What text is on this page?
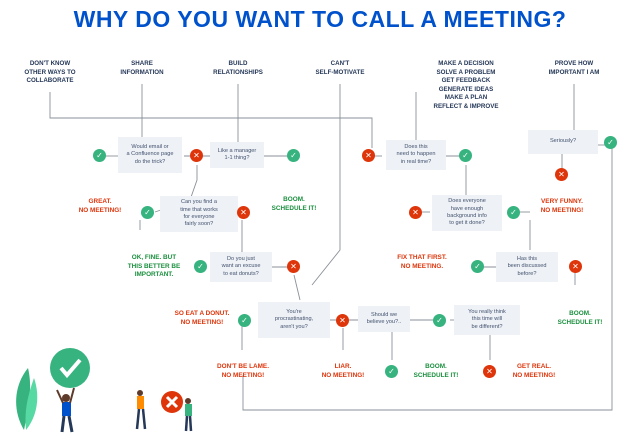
WHY DO YOU WANT TO CALL A MEETING?
DON'T KNOW
OTHER WAYS TO
COLLABORATE
SHARE
INFORMATION
BUILD
RELATIONSHIPS
CAN'T
SELF-MOTIVATE
MAKE A DECISION
SOLVE A PROBLEM
GET FEEDBACK
GENERATE IDEAS
MAKE A PLAN
REFLECT & IMPROVE
PROVE HOW
IMPORTANT I AM
Would email or
a Confluence page
do the trick?
Like a manager
1-1 thing?
Can you find a
time that works
for everyone
fairly soon?
Do you just
want an excuse
to eat donuts?
You're
procrastinating,
aren't you?
Should we
believe you?..
You really think
this time will
be different?
Does this
need to happen
in real time?
Does everyone
have enough
background info
to get it done?
Has this
been discussed
before?
Seriously?
✓	✕	✓
✓	✕
✓	✕
✓	✕	✓
✓	✕
✕	✓
✕	✓
✓	✕
✕
✓
GREAT.
NO MEETING!
BOOM.
SCHEDULE IT!
OK, FINE. BUT
THIS BETTER BE
IMPORTANT.
SO EAT A DONUT.
NO MEETING!
DON'T BE LAME.
NO MEETING!
LIAR.
NO MEETING!
BOOM.
SCHEDULE IT!
GET REAL.
NO MEETING!
FIX THAT FIRST.
NO MEETING.
BOOM.
SCHEDULE IT!
VERY FUNNY.
NO MEETING!
